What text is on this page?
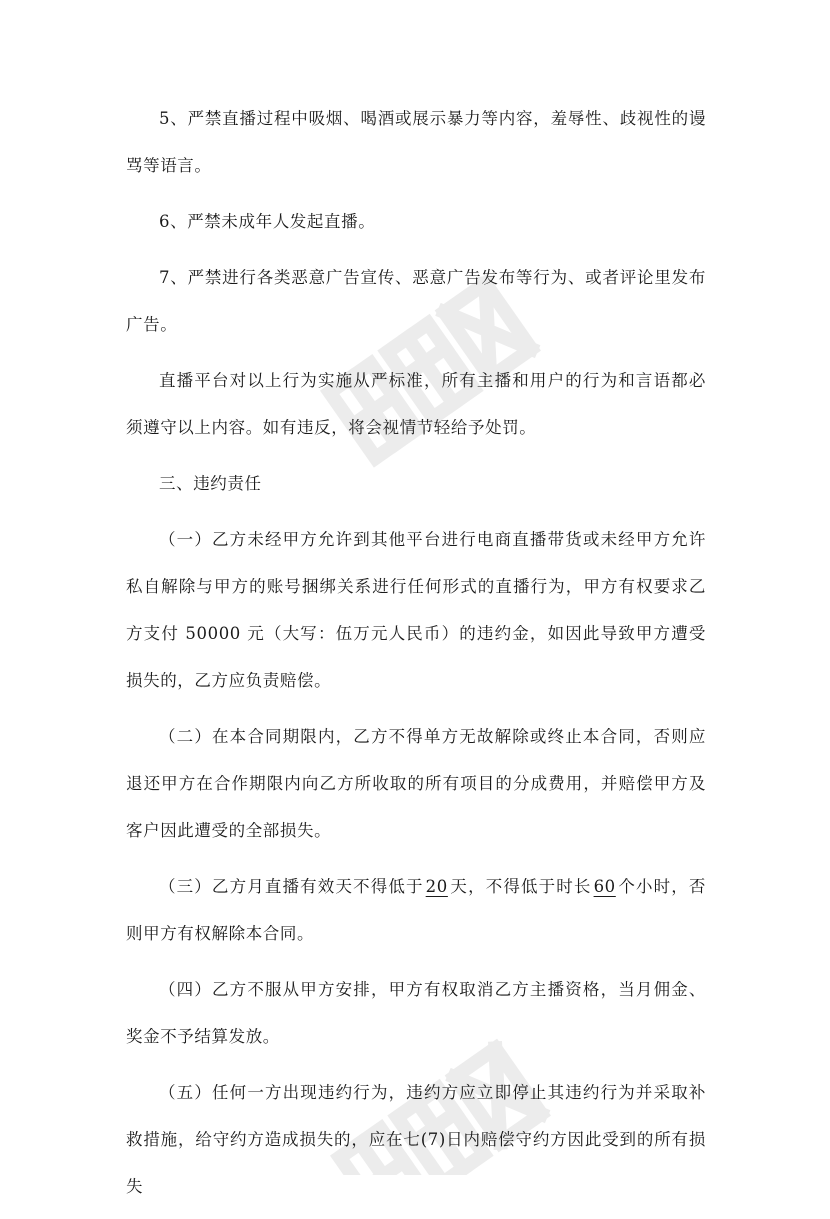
5、严禁直播过程中吸烟、喝酒或展示暴力等内容，羞辱性、歧视性的谩骂等语言。

6、严禁未成年人发起直播。

7、严禁进行各类恶意广告宣传、恶意广告发布等行为、或者评论里发布广告。

直播平台对以上行为实施从严标准，所有主播和用户的行为和言语都必须遵守以上内容。如有违反，将会视情节轻给予处罚。

三、违约责任

（一）乙方未经甲方允许到其他平台进行电商直播带货或未经甲方允许私自解除与甲方的账号捆绑关系进行任何形式的直播行为，甲方有权要求乙方支付 50000 元（大写：伍万元人民币）的违约金，如因此导致甲方遭受损失的，乙方应负责赔偿。

（二）在本合同期限内，乙方不得单方无故解除或终止本合同，否则应退还甲方在合作期限内向乙方所收取的所有项目的分成费用，并赔偿甲方及客户因此遭受的全部损失。

（三）乙方月直播有效天不得低于 20 天，不得低于时长 60 个小时，否则甲方有权解除本合同。

（四）乙方不服从甲方安排，甲方有权取消乙方主播资格，当月佣金、奖金不予结算发放。

（五）任何一方出现违约行为，违约方应立即停止其违约行为并采取补救措施，给守约方造成损失的，应在七(7)日内赔偿守约方因此受到的所有损失
